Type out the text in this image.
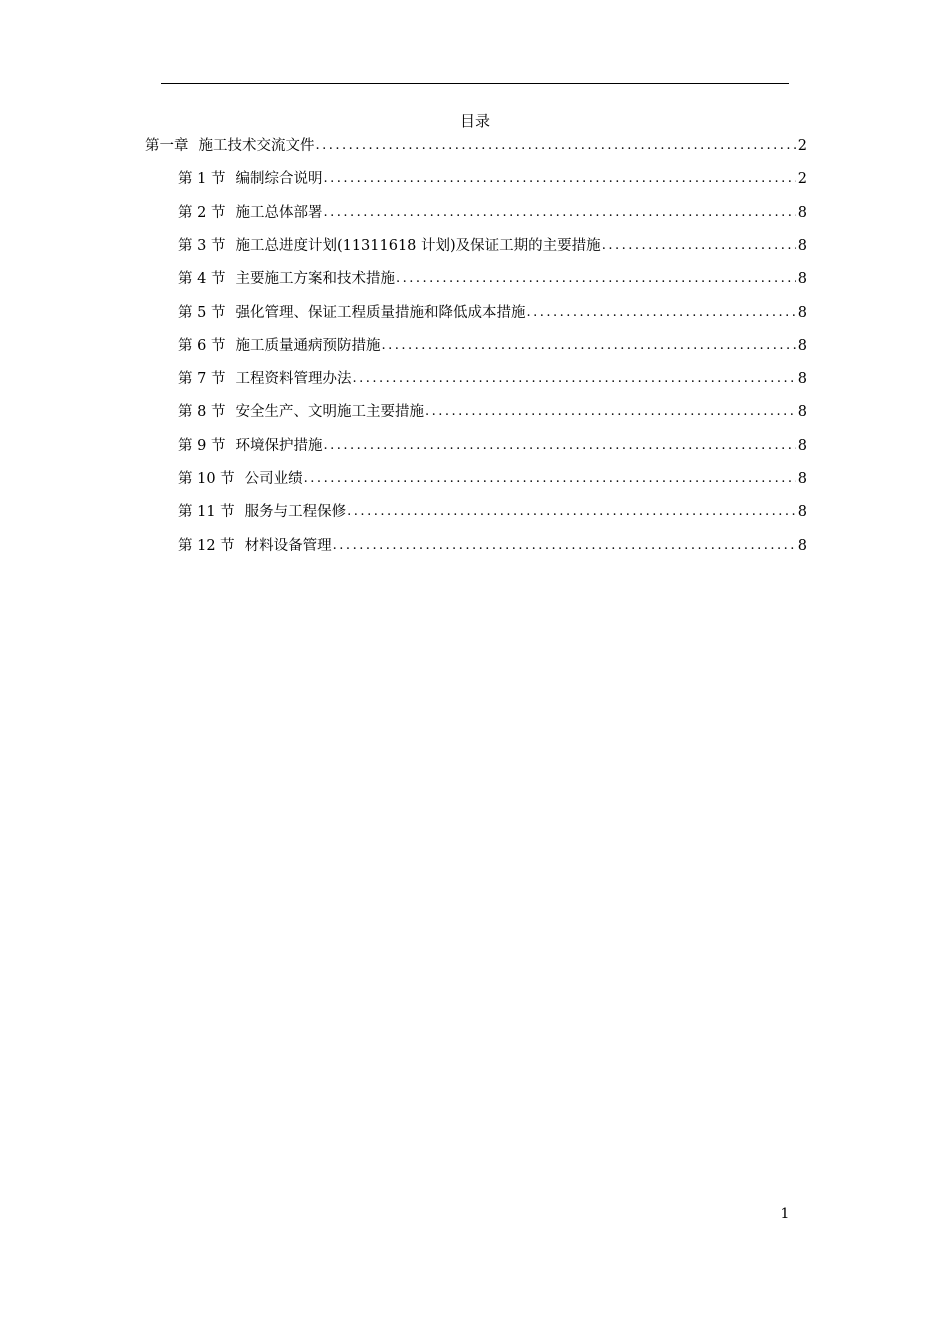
目录
第一章 施工技术交流文件 .....	2
第 1 节 编制综合说明 .....	2
第 2 节 施工总体部署 .....	8
第 3 节 施工总进度计划(11311618 计划)及保证工期的主要措施 .....	8
第 4 节 主要施工方案和技术措施 .....	8
第 5 节 强化管理、保证工程质量措施和降低成本措施 .....	8
第 6 节 施工质量通病预防措施 .....	8
第 7 节 工程资料管理办法 .....	8
第 8 节 安全生产、文明施工主要措施 .....	8
第 9 节 环境保护措施 .....	8
第 10 节 公司业绩 .....	8
第 11 节 服务与工程保修 .....	8
第 12 节 材料设备管理 .....	8
1
